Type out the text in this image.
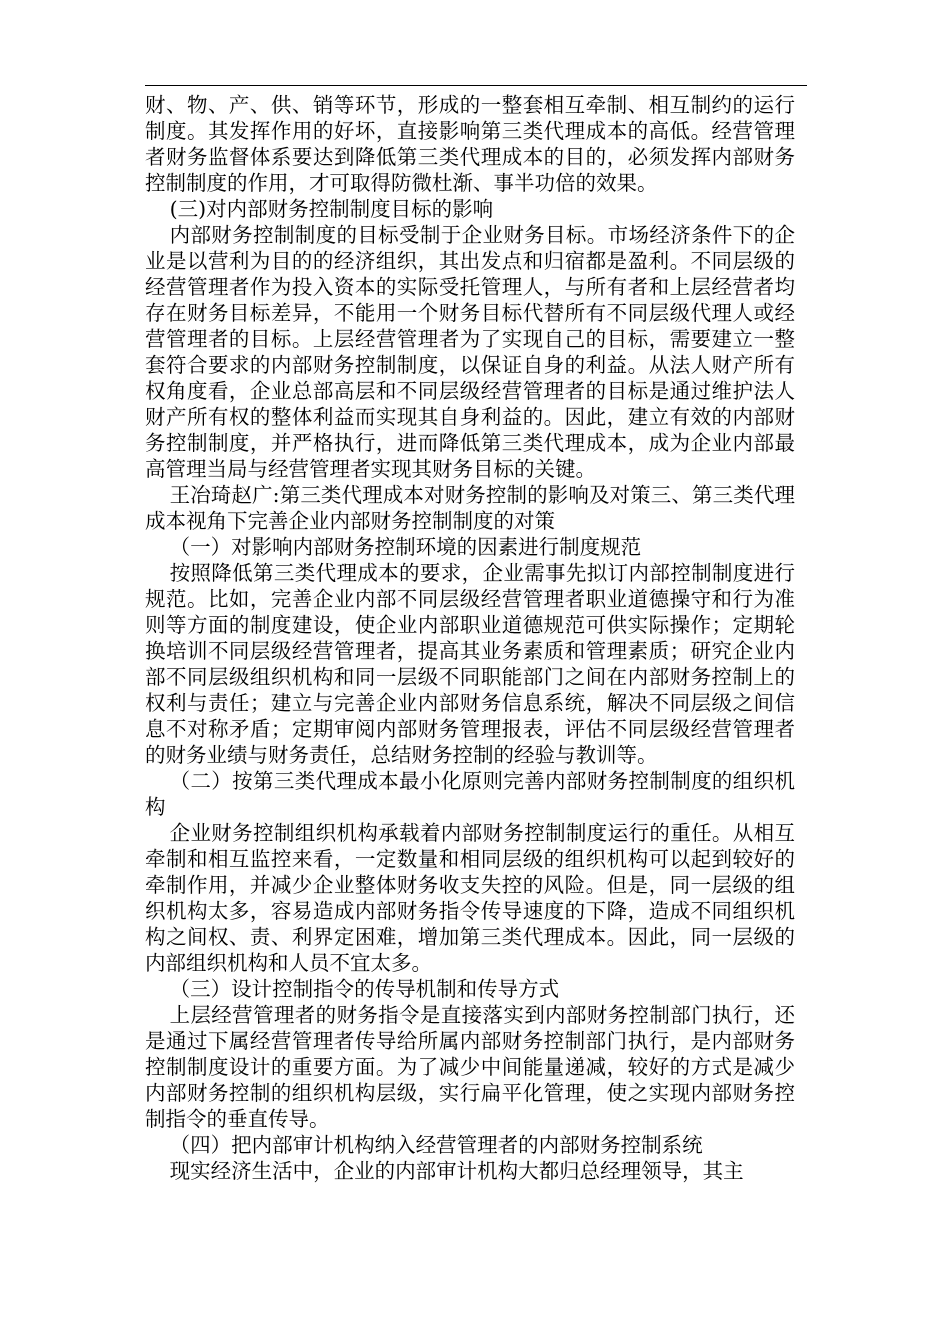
财、物、产、供、销等环节，形成的一整套相互牵制、相互制约的运行制度。其发挥作用的好坏，直接影响第三类代理成本的高低。经营管理者财务监督体系要达到降低第三类代理成本的目的，必须发挥内部财务控制制度的作用，才可取得防微杜渐、事半功倍的效果。

(三)对内部财务控制制度目标的影响

内部财务控制制度的目标受制于企业财务目标。市场经济条件下的企业是以营利为目的的经济组织，其出发点和归宿都是盈利。不同层级的经营管理者作为投入资本的实际受托管理人，与所有者和上层经营者均存在财务目标差异，不能用一个财务目标代替所有不同层级代理人或经营管理者的目标。上层经营管理者为了实现自己的目标，需要建立一整套符合要求的内部财务控制制度，以保证自身的利益。从法人财产所有权角度看，企业总部高层和不同层级经营管理者的目标是通过维护法人财产所有权的整体利益而实现其自身利益的。因此，建立有效的内部财务控制制度，并严格执行，进而降低第三类代理成本，成为企业内部最高管理当局与经营管理者实现其财务目标的关键。

王冶琦赵广:第三类代理成本对财务控制的影响及对策三、第三类代理成本视角下完善企业内部财务控制制度的对策

（一）对影响内部财务控制环境的因素进行制度规范

按照降低第三类代理成本的要求，企业需事先拟订内部控制制度进行规范。比如，完善企业内部不同层级经营管理者职业道德操守和行为准则等方面的制度建设，使企业内部职业道德规范可供实际操作；定期轮换培训不同层级经营管理者，提高其业务素质和管理素质；研究企业内部不同层级组织机构和同一层级不同职能部门之间在内部财务控制上的权利与责任；建立与完善企业内部财务信息系统，解决不同层级之间信息不对称矛盾；定期审阅内部财务管理报表，评估不同层级经营管理者的财务业绩与财务责任，总结财务控制的经验与教训等。

（二）按第三类代理成本最小化原则完善内部财务控制制度的组织机构

企业财务控制组织机构承载着内部财务控制制度运行的重任。从相互牵制和相互监控来看，一定数量和相同层级的组织机构可以起到较好的牵制作用，并减少企业整体财务收支失控的风险。但是，同一层级的组织机构太多，容易造成内部财务指令传导速度的下降，造成不同组织机构之间权、责、利界定困难，增加第三类代理成本。因此，同一层级的内部组织机构和人员不宜太多。

（三）设计控制指令的传导机制和传导方式

上层经营管理者的财务指令是直接落实到内部财务控制部门执行，还是通过下属经营管理者传导给所属内部财务控制部门执行，是内部财务控制制度设计的重要方面。为了减少中间能量递减，较好的方式是减少内部财务控制的组织机构层级，实行扁平化管理，使之实现内部财务控制指令的垂直传导。

（四）把内部审计机构纳入经营管理者的内部财务控制系统

现实经济生活中，企业的内部审计机构大都归总经理领导，其主
